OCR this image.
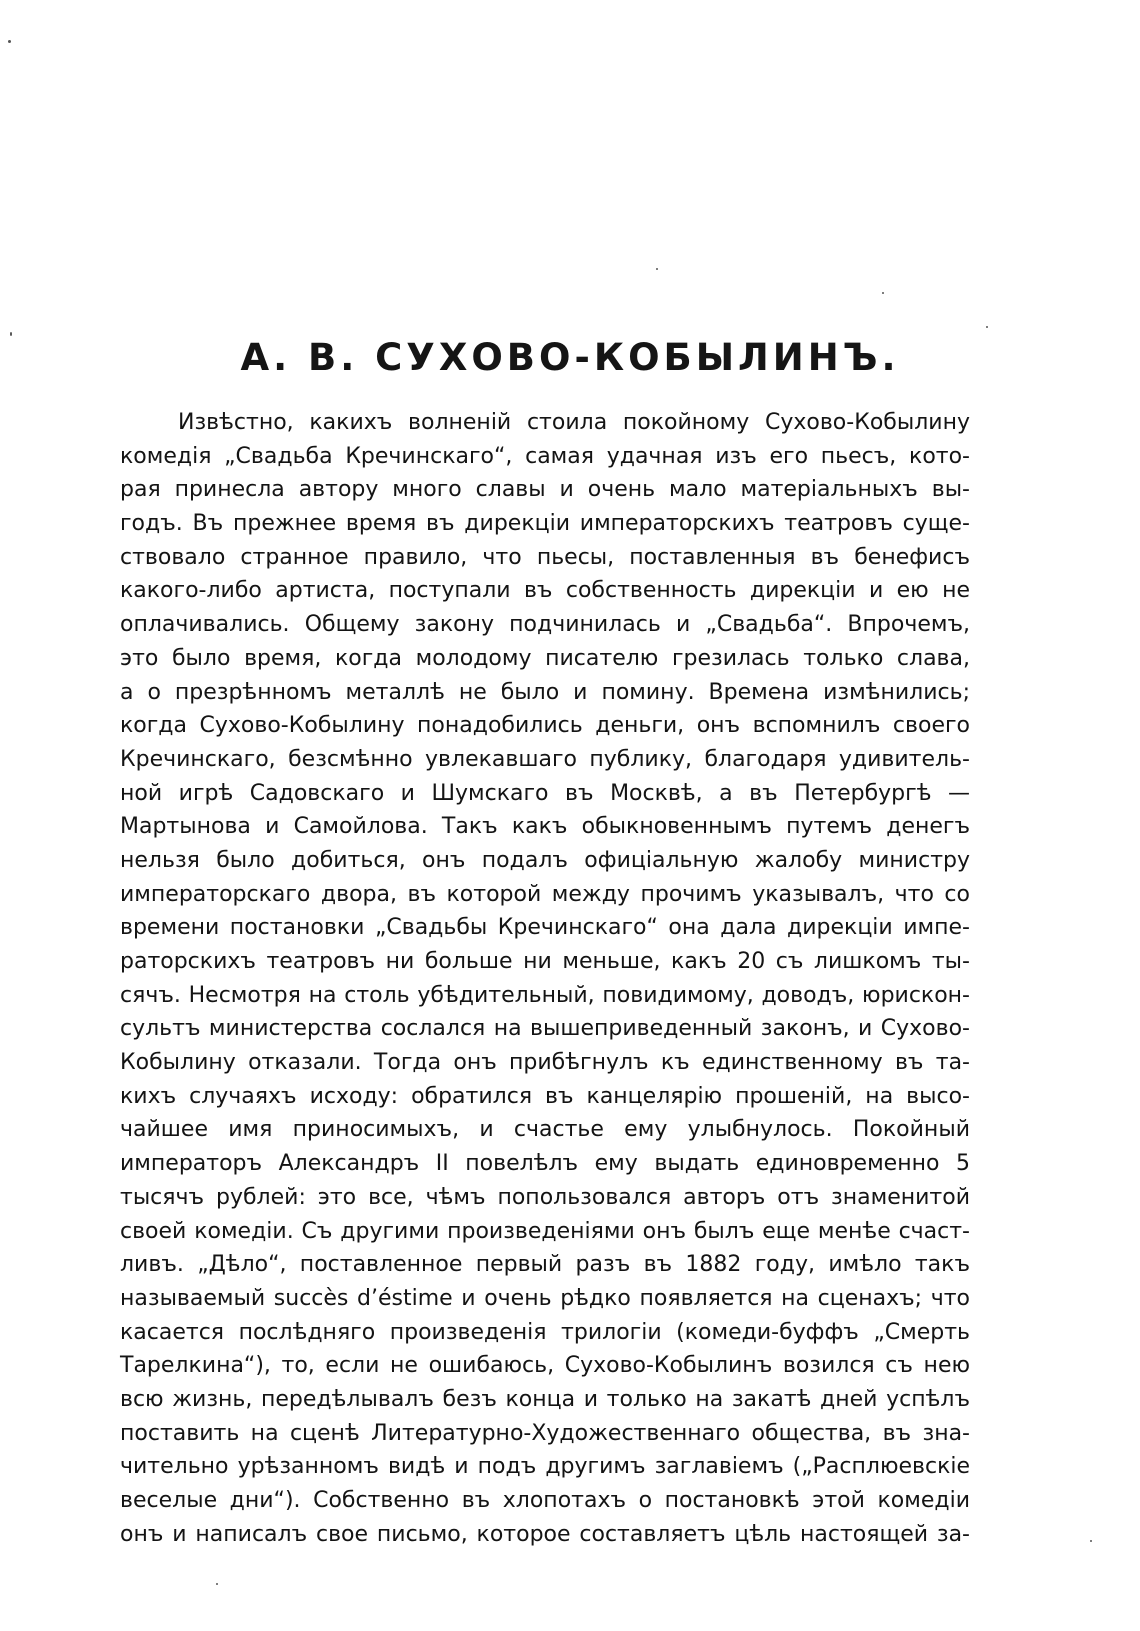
А. В. СУХОВО-КОБЫЛИНЪ.
Извѣстно, какихъ волненій стоила покойному Сухово-Кобылину
комедія „Свадьба Кречинскаго“, самая удачная изъ его пьесъ, кото-
рая принесла автору много славы и очень мало матеріальныхъ вы-
годъ. Въ прежнее время въ дирекціи императорскихъ театровъ суще-
ствовало странное правило, что пьесы, поставленныя въ бенефисъ
какого-либо артиста, поступали въ собственность дирекціи и ею не
оплачивались. Общему закону подчинилась и „Свадьба“. Впрочемъ,
это было время, когда молодому писателю грезилась только слава,
а о презрѣнномъ металлѣ не было и помину. Времена измѣнились;
когда Сухово-Кобылину понадобились деньги, онъ вспомнилъ своего
Кречинскаго, безсмѣнно увлекавшаго публику, благодаря удивитель-
ной игрѣ Садовскаго и Шумскаго въ Москвѣ, а въ Петербургѣ —
Мартынова и Самойлова. Такъ какъ обыкновеннымъ путемъ денегъ
нельзя было добиться, онъ подалъ офиціальную жалобу министру
императорскаго двора, въ которой между прочимъ указывалъ, что со
времени постановки „Свадьбы Кречинскаго“ она дала дирекціи импе-
раторскихъ театровъ ни больше ни меньше, какъ 20 съ лишкомъ ты-
сячъ. Несмотря на столь убѣдительный, повидимому, доводъ, юрискон-
сультъ министерства сослался на вышеприведенный законъ, и Сухово-
Кобылину отказали. Тогда онъ прибѣгнулъ къ единственному въ та-
кихъ случаяхъ исходу: обратился въ канцелярію прошеній, на высо-
чайшее имя приносимыхъ, и счастье ему улыбнулось. Покойный
императоръ Александръ II повелѣлъ ему выдать единовременно 5
тысячъ рублей: это все, чѣмъ попользовался авторъ отъ знаменитой
своей комедіи. Съ другими произведеніями онъ былъ еще менѣе счаст-
ливъ. „Дѣло“, поставленное первый разъ въ 1882 году, имѣло такъ
называемый succès d’éstime и очень рѣдко появляется на сценахъ; что
касается послѣдняго произведенія трилогіи (комеди-буффъ „Смерть
Тарелкина“), то, если не ошибаюсь, Сухово-Кобылинъ возился съ нею
всю жизнь, передѣлывалъ безъ конца и только на закатѣ дней успѣлъ
поставить на сценѣ Литературно-Художественнаго общества, въ зна-
чительно урѣзанномъ видѣ и подъ другимъ заглавіемъ („Расплюевскіе
веселые дни“). Собственно въ хлопотахъ о постановкѣ этой комедіи
онъ и написалъ свое письмо, которое составляетъ цѣль настоящей за-
